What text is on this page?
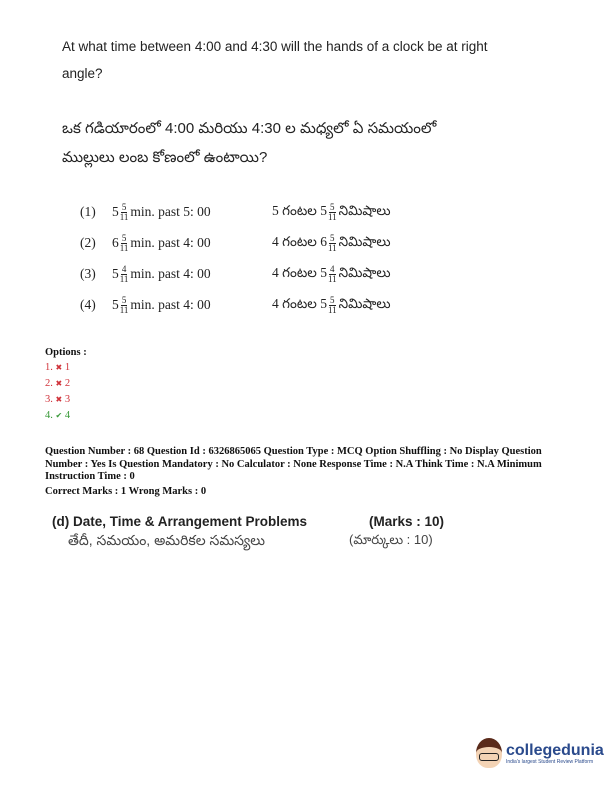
At what time between 4:00 and 4:30 will the hands of a clock be at right angle?
ఒక గడియారంలో 4:00 మరియు 4:30 ల మధ్యలో ఏ సమయంలో
ముల్లులు లంబ కోణంలో ఉంటాయి?
(1)	$5 \frac{5}{11} \min$. past 5: 00	5 గంటల $5 \frac{5}{11}$ నిమిషాలు
(2)	$6 \frac{5}{11} \min$. past 4: 00	4 గంటల $6 \frac{5}{11}$ నిమిషాలు
(3)	$5 \frac{4}{11} \min$. past 4: 00	4 గంటల $5 \frac{4}{11}$ నిమిషాలు
(4)	$5 \frac{5}{11} \min$. past 4: 00	4 గంటల $5 \frac{5}{11}$ నిమిషాలు
Options :
1. ✖ 1
2. ✖ 2
3. ✖ 3
4. ✔ 4
Question Number : 68 Question Id : 6326865065 Question Type : MCQ Option Shuffling : No Display Question Number : Yes Is Question Mandatory : No Calculator : None Response Time : N.A Think Time : N.A Minimum Instruction Time : 0
Correct Marks : 1 Wrong Marks : 0
(d) Date, Time & Arrangement Problems	(Marks : 10)
తేదీ, సమయం, అమరికల సమస్యలు	(మార్కులు : 10)
collegedunia
India's largest Student Review Platform
